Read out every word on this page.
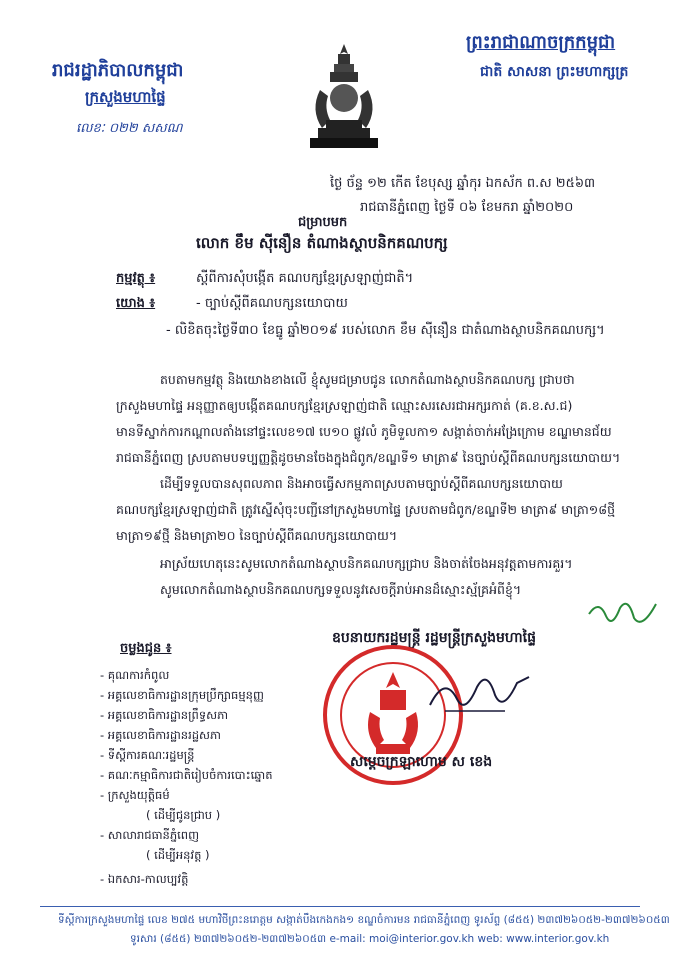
រាជរដ្ឋាភិបាលកម្ពុជា
ក្រសួងមហាផ្ទៃ
លេខៈ ០២២ សសណ
ព្រះរាជាណាចក្រកម្ពុជា
ជាតិ សាសនា ព្រះមហាក្សត្រ
ថ្ងៃ ច័ន្ទ ១២ កើត ខែបុស្ស ឆ្នាំកុរ ឯកស័ក ព.ស ២៥៦៣
រាជធានីភ្នំពេញ ថ្ងៃទី ០៦ ខែមករា ឆ្នាំ២០២០
ជម្រាបមក
លោក ខឹម ស៊ីនឿន តំណាងស្ថាបនិកគណបក្ស
កម្មវត្ថុ ៖	ស្តីពីការសុំបង្កើត គណបក្សខ្មែរស្រឡាញ់ជាតិ។
យោង ៖	- ច្បាប់ស្តីពីគណបក្សនយោបាយ
- លិខិតចុះថ្ងៃទី៣០ ខែធ្នូ ឆ្នាំ២០១៩ របស់លោក ខឹម ស៊ីនឿន ជាតំណាងស្ថាបនិកគណបក្ស។
តបតាមកម្មវត្ថុ និងយោងខាងលើ ខ្ញុំសូមជម្រាបជូន លោកតំណាងស្ថាបនិកគណបក្ស ជ្រាបថា
ក្រសួងមហាផ្ទៃ អនុញ្ញាតឲ្យបង្កើតគណបក្សខ្មែរស្រឡាញ់ជាតិ ឈ្មោះសរសេរជាអក្សរកាត់ (គ.ខ.ស.ជ)
មានទីស្នាក់ការកណ្តាលតាំងនៅផ្ទះលេខ១៧ បេ១០ ផ្លូវលំ ភូមិទួលកា១ សង្កាត់ចាក់អង្រែក្រោម ខណ្ឌមានជ័យ
រាជធានីភ្នំពេញ ស្របតាមបទប្បញ្ញត្តិដូចមានចែងក្នុងជំពូក/ខណ្ឌទី១ មាត្រា៩ នៃច្បាប់ស្តីពីគណបក្សនយោបាយ។
ដើម្បីទទួលបានសុពលភាព និងអាចធ្វើសកម្មភាពស្របតាមច្បាប់ស្តីពីគណបក្សនយោបាយ
គណបក្សខ្មែរស្រឡាញ់ជាតិ ត្រូវស្នើសុំចុះបញ្ជីនៅក្រសួងមហាផ្ទៃ ស្របតាមជំពូក/ខណ្ឌទី២ មាត្រា៩ មាត្រា១៨ថ្មី
មាត្រា១៩ថ្មី និងមាត្រា២០ នៃច្បាប់ស្តីពីគណបក្សនយោបាយ។
អាស្រ័យហេតុនេះសូមលោកតំណាងស្ថាបនិកគណបក្សជ្រាប និងចាត់ចែងអនុវត្តតាមការគួរ។
សូមលោកតំណាងស្ថាបនិកគណបក្សទទួលនូវសេចក្តីរាប់អានដ៏ស្មោះស្ម័គ្រអំពីខ្ញុំ។
ឧបនាយករដ្ឋមន្ត្រី រដ្ឋមន្ត្រីក្រសួងមហាផ្ទៃ
សម្តេចក្រឡាហោម ស ខេង
ចម្លងជូន ៖
- គុណការកំពូល
- អគ្គលេខាធិការដ្ឋានក្រុមប្រឹក្សាធម្មនុញ្ញ
- អគ្គលេខាធិការដ្ឋានព្រឹទ្ធសភា
- អគ្គលេខាធិការដ្ឋានរដ្ឋសភា
- ទីស្តីការគណៈរដ្ឋមន្ត្រី
- គណៈកម្មាធិការជាតិរៀបចំការបោះឆ្នោត
- ក្រសួងយុត្តិធម៌
( ដើម្បីជូនជ្រាប )
- សាលារាជធានីភ្នំពេញ
( ដើម្បីអនុវត្ត )
- ឯកសារ-កាលប្បវត្តិ
ទីស្តីការក្រសួងមហាផ្ទៃ លេខ ២៧៥ មហាវិថីព្រះនរោត្តម សង្កាត់បឹងកេងកង១ ខណ្ឌចំការមន រាជធានីភ្នំពេញ ទូរស័ព្ទ (៨៥៥) ២៣៧២៦០៥២-២៣៧២៦០៥៣
ទូរសារ (៨៥៥) ២៣៧២៦០៥២-២៣៧២៦០៥៣ e-mail: moi@interior.gov.kh web: www.interior.gov.kh
